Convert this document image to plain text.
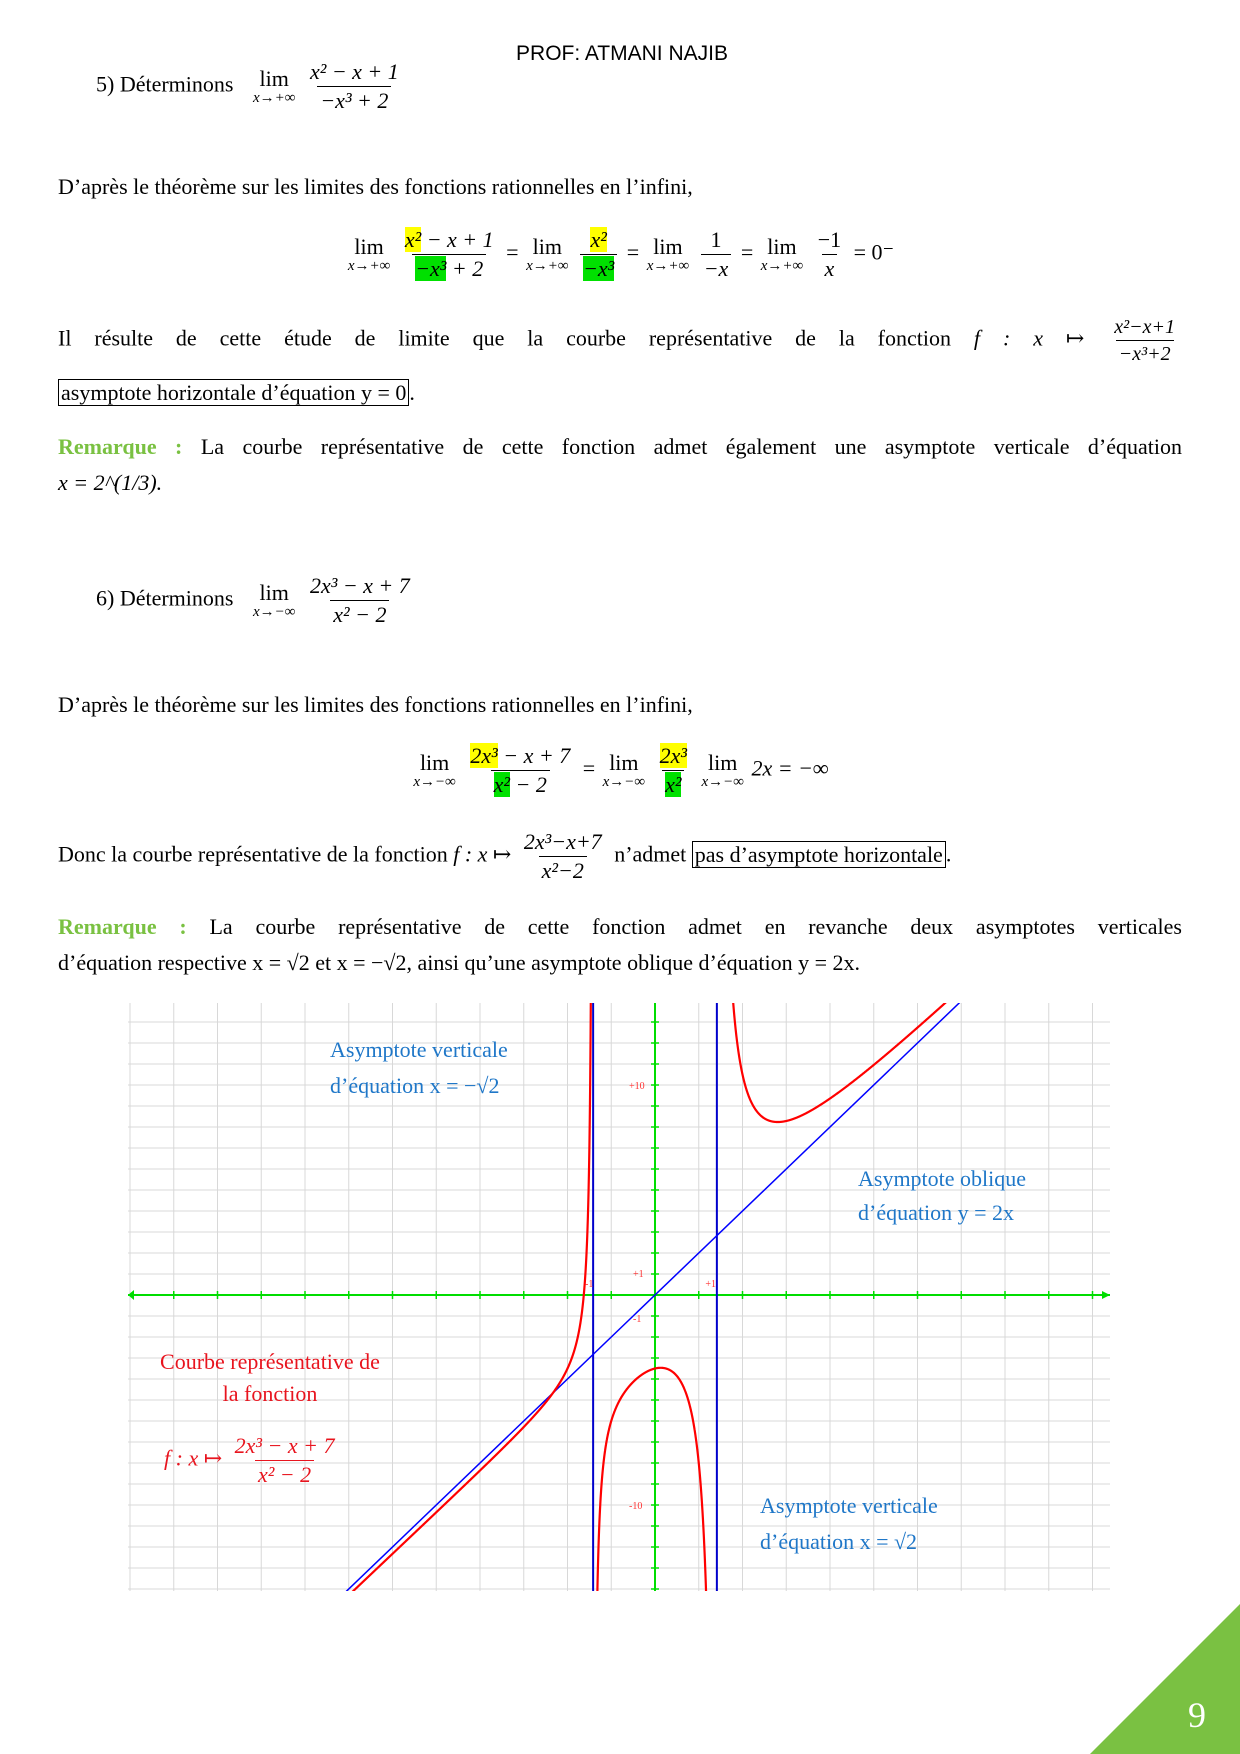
PROF: ATMANI NAJIB
5) Déterminons lim
x→+∞
$\frac{\text{x² − x + 1}}{\text{−x³ + 2}}$
D’après le théorème sur les limites des fonctions rationnelles en l’infini,
lim
x→+∞
$\frac{\text{x² − x + 1}}{\text{−x³ + 2}} = \lim$
x→+∞
$\frac{\text{x²}}{\text{−x³}} = \lim$
x→+∞
$\frac{1}{-x} = \lim$
x→+∞
$\frac{-1}{x} = 0^-$
Il résulte de cette étude de limite que la courbe représentative de la fonction f : x ↦ $\frac{\text{x²−x+1}}{\text{−x³+2}}$
asymptote horizontale d’équation y = 0 .
Remarque : La courbe représentative de cette fonction admet également une asymptote verticale d’équation
x = 2^(1/3).
6) Déterminons lim
x→−∞
$\frac{\text{2x³ − x + 7}}{\text{x² − 2}}$
D’après le théorème sur les limites des fonctions rationnelles en l’infini,
lim
x→−∞
$\frac{\text{2x³ − x + 7}}{\text{x² − 2}} = \lim$
x→−∞
$\frac{\text{2x³}}{\text{x²}}$
lim
x→−∞
2x = −∞
Donc la courbe représentative de la fonction f : x ↦ $\frac{\text{2x³−x+7}}{\text{x²−2}}$ n’admet pas d’asymptote horizontale .
Remarque : La courbe représentative de cette fonction admet en revanche deux asymptotes verticales
d’équation respective x = √2 et x = −√2, ainsi qu’une asymptote oblique d’équation y = 2x.
-1	+1
+1
-1
+10
-10
Asymptote verticale
d’équation x = −√2
Asymptote oblique
d’équation y = 2x
Courbe représentative de
la fonction
f : x ↦ $\frac{\text{2x³ − x + 7}}{\text{x² − 2}}$
Asymptote verticale
d’équation x = √2
9
